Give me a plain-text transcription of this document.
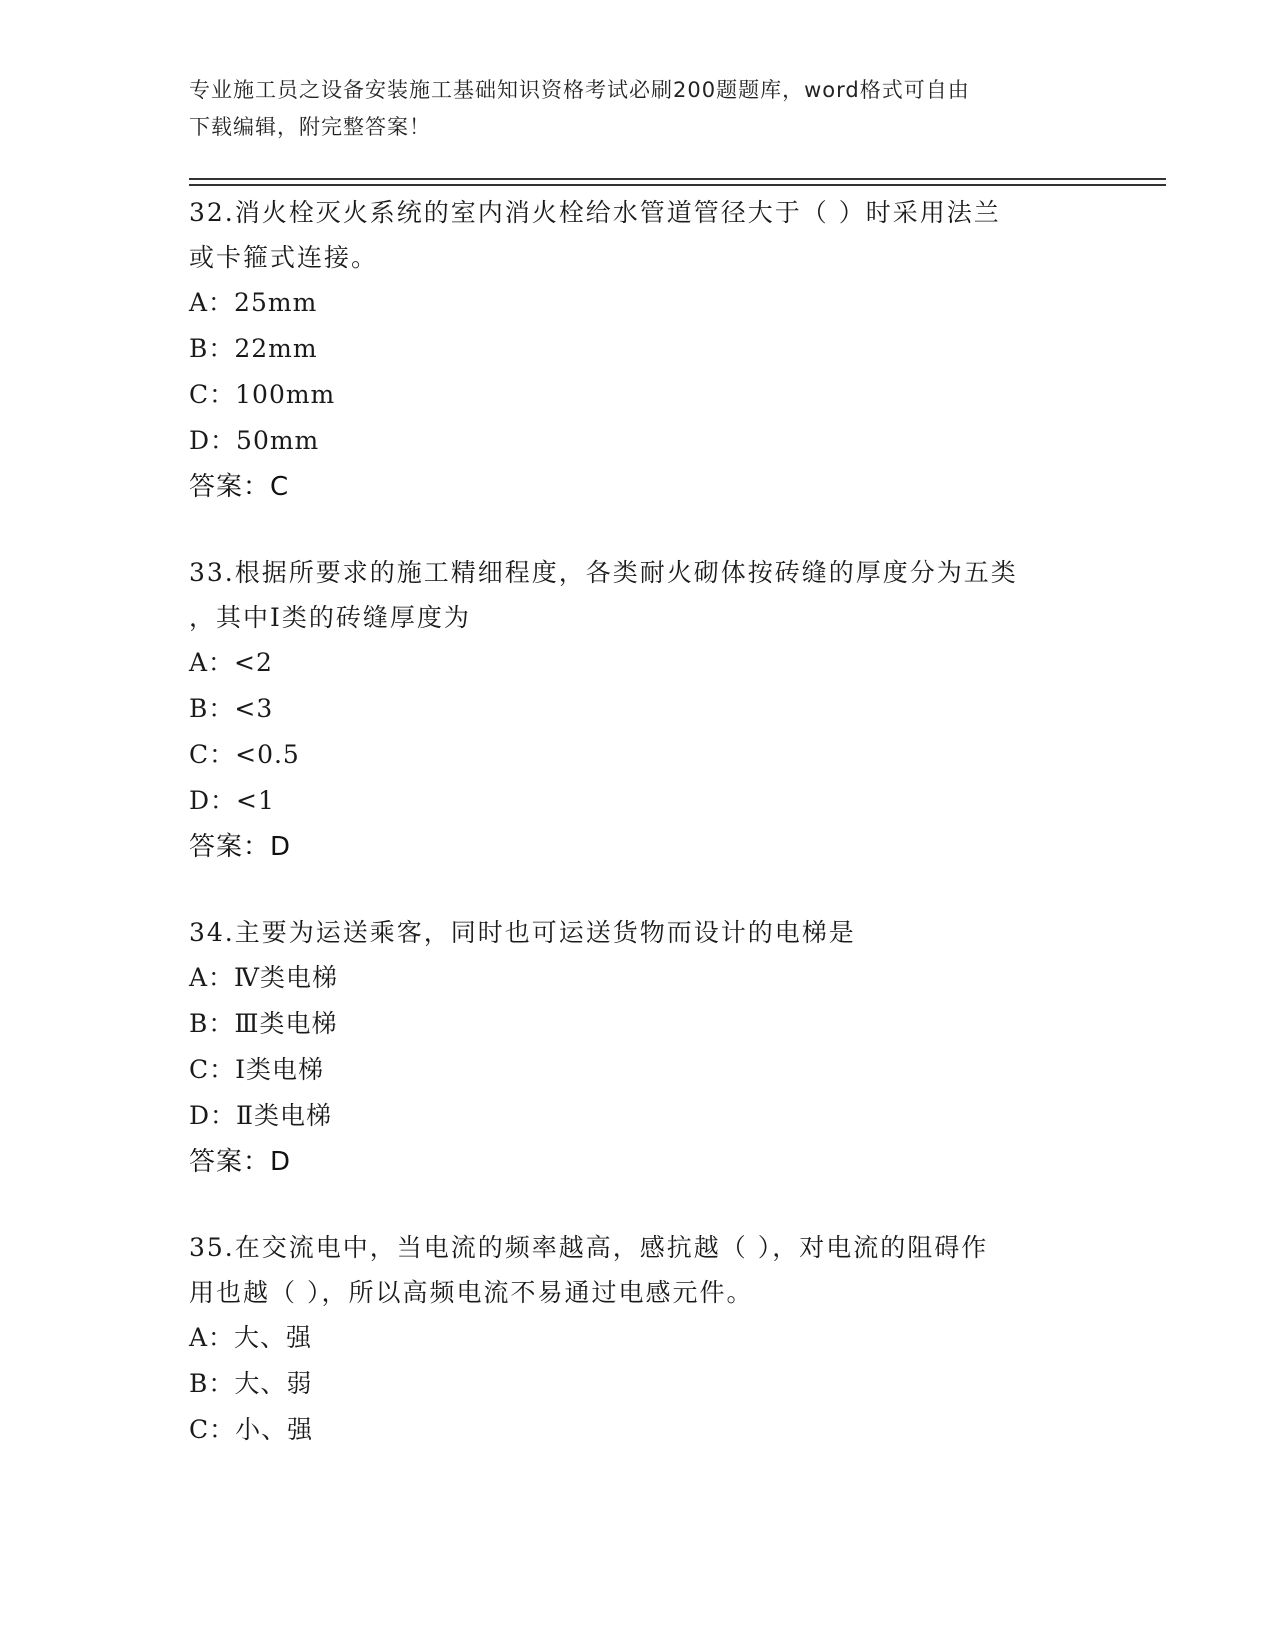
专业施工员之设备安装施工基础知识资格考试必刷200题题库，word格式可自由
下载编辑，附完整答案！
32.消火栓灭火系统的室内消火栓给水管道管径大于（ ）时采用法兰
或卡箍式连接。
A：25mm
B：22mm
C：100mm
D：50mm
答案：C
33.根据所要求的施工精细程度，各类耐火砌体按砖缝的厚度分为五类
，其中Ⅰ类的砖缝厚度为
A：<2
B：<3
C：<0.5
D：<1
答案：D
34.主要为运送乘客，同时也可运送货物而设计的电梯是
A：Ⅳ类电梯
B：Ⅲ类电梯
C：Ⅰ类电梯
D：Ⅱ类电梯
答案：D
35.在交流电中，当电流的频率越高，感抗越（ ），对电流的阻碍作
用也越（ ），所以高频电流不易通过电感元件。
A：大、强
B：大、弱
C：小、强
